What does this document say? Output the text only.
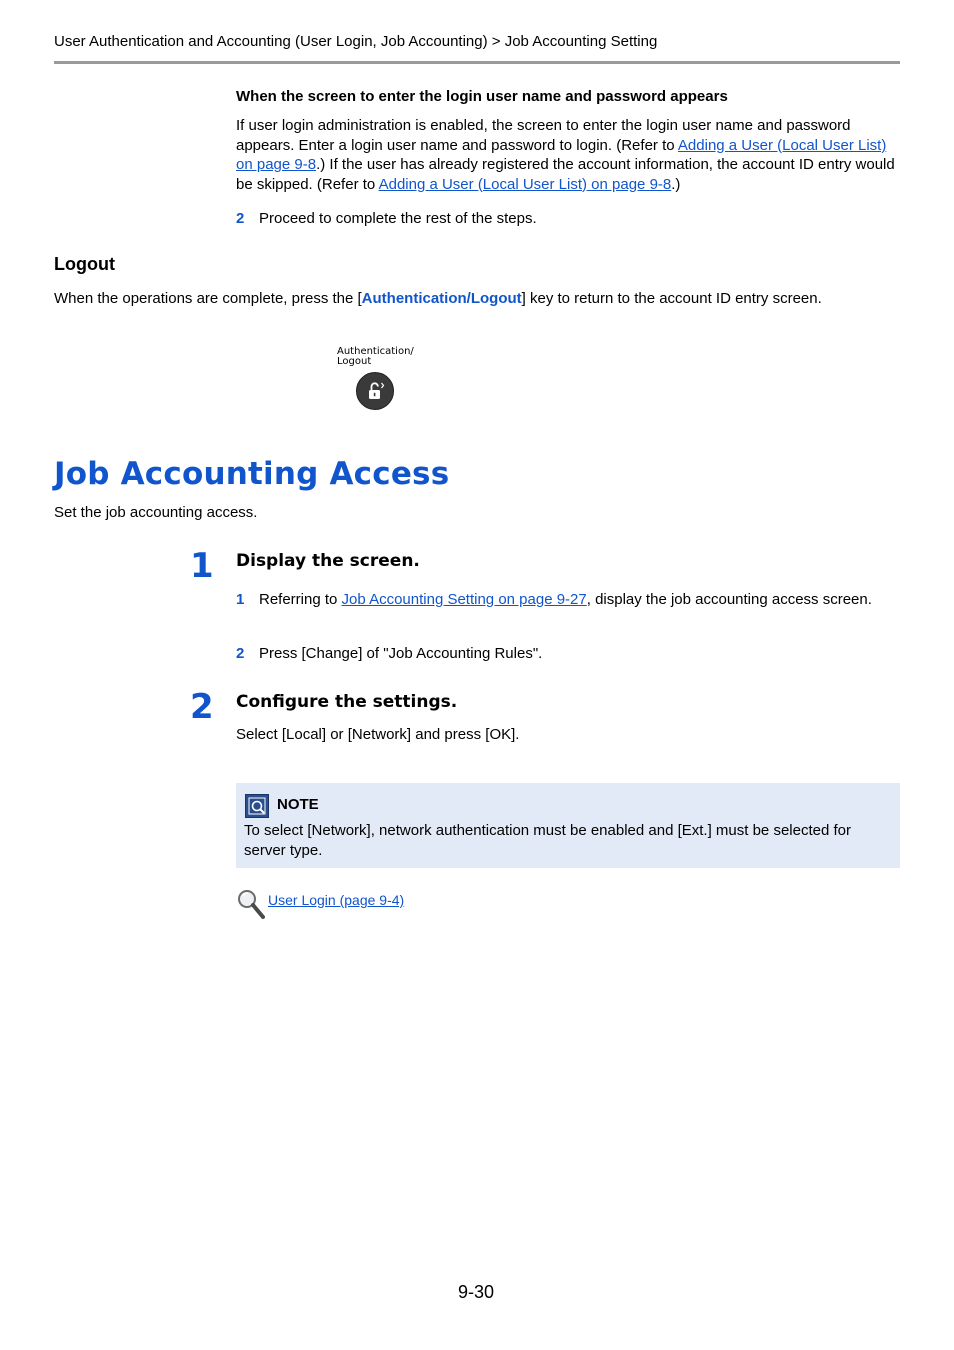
User Authentication and Accounting (User Login, Job Accounting) > Job Accounting Setting
When the screen to enter the login user name and password appears
If user login administration is enabled, the screen to enter the login user name and password appears. Enter a login user name and password to login. (Refer to Adding a User (Local User List) on page 9-8.) If the user has already registered the account information, the account ID entry would be skipped. (Refer to Adding a User (Local User List) on page 9-8.)
2 Proceed to complete the rest of the steps.
Logout
When the operations are complete, press the [Authentication/Logout] key to return to the account ID entry screen.
Authentication/
Logout
Job Accounting Access
Set the job accounting access.
1 Display the screen.
1 Referring to Job Accounting Setting on page 9-27, display the job accounting access screen.
2 Press [Change] of "Job Accounting Rules".
2 Configure the settings.
Select [Local] or [Network] and press [OK].
NOTE
To select [Network], network authentication must be enabled and [Ext.] must be selected for server type.
User Login (page 9-4)
9-30
